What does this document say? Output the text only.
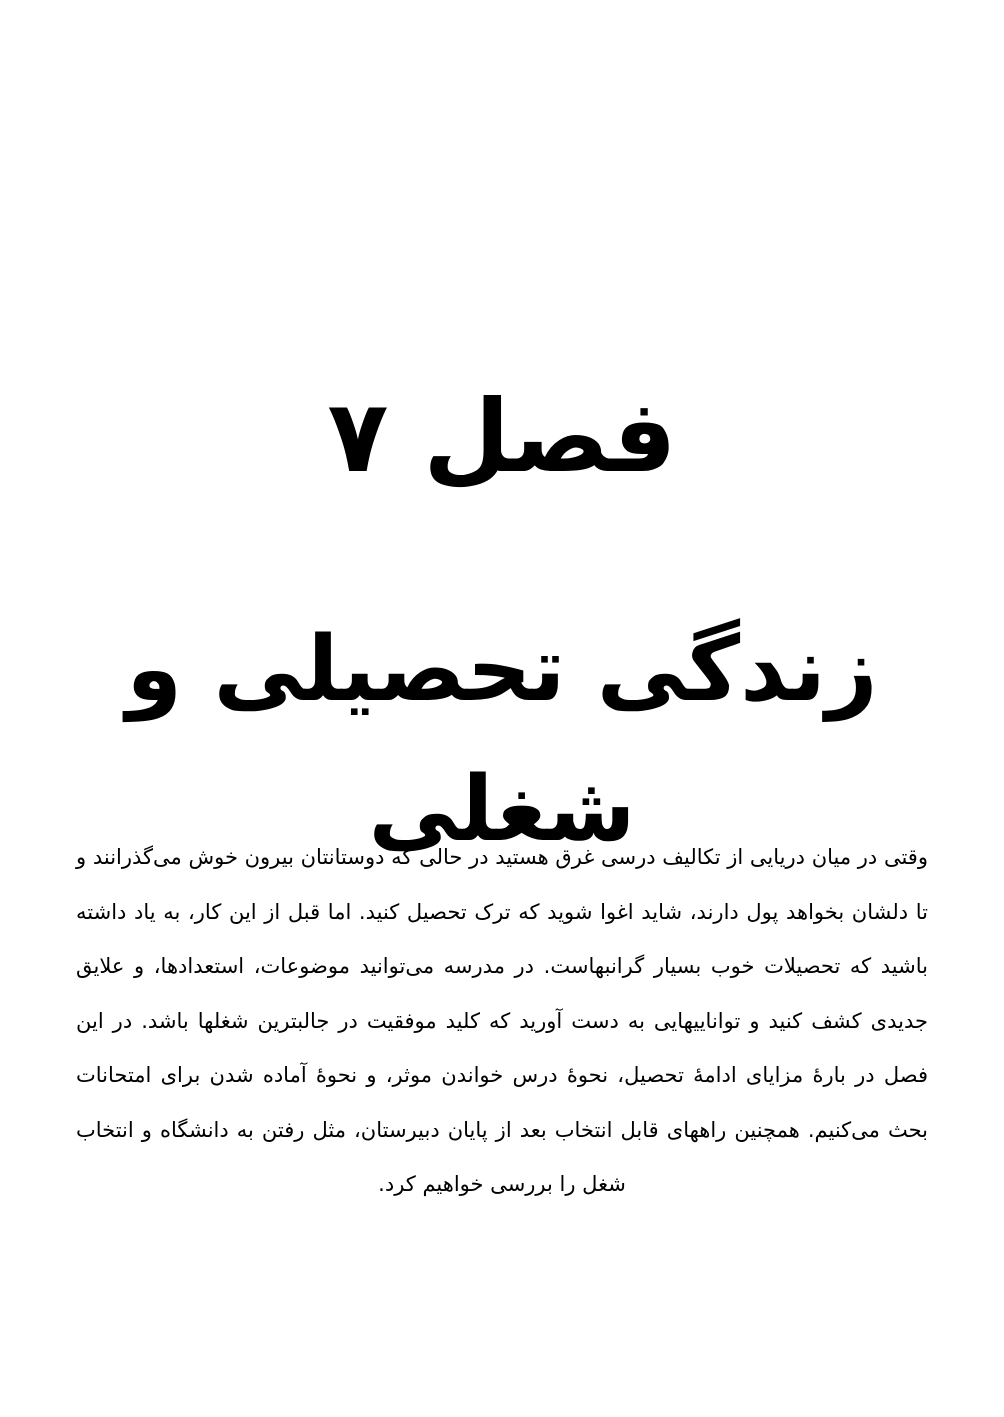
فصل ۷
زندگی تحصیلی و شغلی

وقتی در میان دریایی از تکالیف درسی غرق هستید در حالی که دوستانتان بیرون خوش می‌گذرانند و تا دلشان بخواهد پول دارند، شاید اغوا شوید که ترک تحصیل کنید. اما قبل از این کار، به یاد داشته باشید که تحصیلات خوب بسیار گرانبهاست. در مدرسه می‌توانید موضوعات، استعدادها، و علایق جدیدی کشف کنید و تواناییهایی به دست آورید که کلید موفقیت در جالبترین شغلها باشد. در این فصل در بارهٔ مزایای ادامهٔ تحصیل، نحوهٔ درس خواندن موثر، و نحوهٔ آماده شدن برای امتحانات بحث می‌کنیم. همچنین راههای قابل انتخاب بعد از پایان دبیرستان، مثل رفتن به دانشگاه و انتخاب شغل را بررسی خواهیم کرد.
